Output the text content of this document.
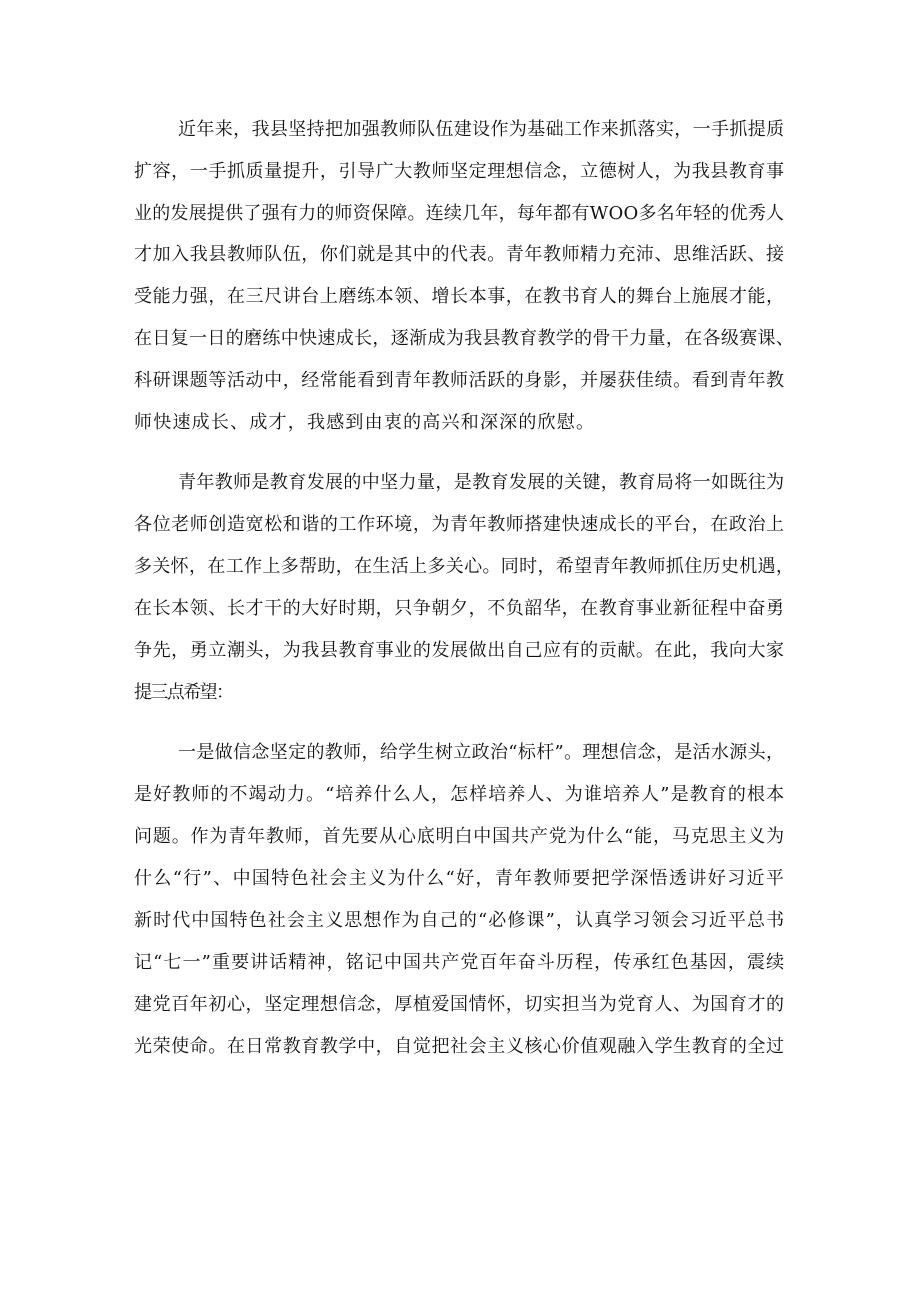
近年来，我县坚持把加强教师队伍建设作为基础工作来抓落实，一手抓提质
扩容，一手抓质量提升，引导广大教师坚定理想信念，立德树人，为我县教育事
业的发展提供了强有力的师资保障。连续几年，每年都有WOO多名年轻的优秀人
才加入我县教师队伍，你们就是其中的代表。青年教师精力充沛、思维活跃、接
受能力强，在三尺讲台上磨练本领、增长本事，在教书育人的舞台上施展才能，
在日复一日的磨练中快速成长，逐渐成为我县教育教学的骨干力量，在各级赛课、
科研课题等活动中，经常能看到青年教师活跃的身影，并屡获佳绩。看到青年教
师快速成长、成才，我感到由衷的高兴和深深的欣慰。
青年教师是教育发展的中坚力量，是教育发展的关键，教育局将一如既往为
各位老师创造宽松和谐的工作环境，为青年教师搭建快速成长的平台，在政治上
多关怀，在工作上多帮助，在生活上多关心。同时，希望青年教师抓住历史机遇，
在长本领、长才干的大好时期，只争朝夕，不负韶华，在教育事业新征程中奋勇
争先，勇立潮头，为我县教育事业的发展做出自己应有的贡献。在此，我向大家
提三点希望：
一是做信念坚定的教师，给学生树立政治“标杆”。理想信念，是活水源头，
是好教师的不竭动力。“培养什么人，怎样培养人、为谁培养人”是教育的根本
问题。作为青年教师，首先要从心底明白中国共产党为什么“能，马克思主义为
什么“行”、中国特色社会主义为什么“好，青年教师要把学深悟透讲好习近平
新时代中国特色社会主义思想作为自己的“必修课”，认真学习领会习近平总书
记“七一”重要讲话精神，铭记中国共产党百年奋斗历程，传承红色基因，震续
建党百年初心，坚定理想信念，厚植爱国情怀，切实担当为党育人、为国育才的
光荣使命。在日常教育教学中，自觉把社会主义核心价值观融入学生教育的全过
